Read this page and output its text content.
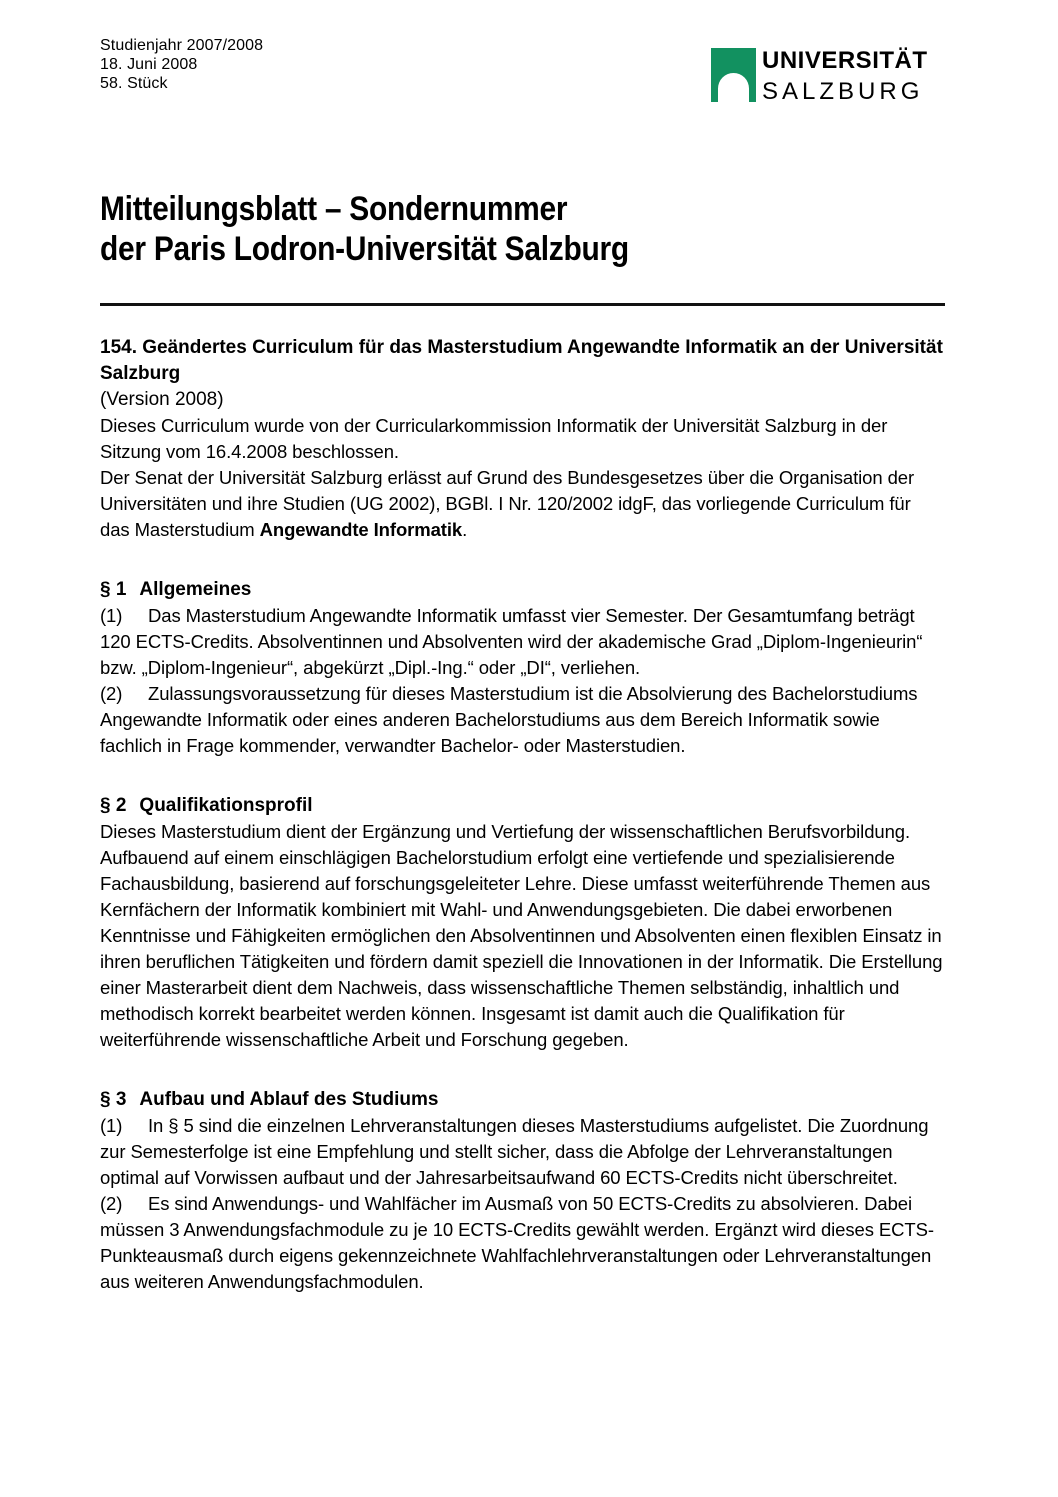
Studienjahr 2007/2008
18. Juni 2008
58. Stück
UNIVERSITÄT
SALZBURG
Mitteilungsblatt – Sondernummer
der Paris Lodron-Universität Salzburg
154. Geändertes Curriculum für das Masterstudium Angewandte Informatik an der Universität Salzburg

(Version 2008)

Dieses Curriculum wurde von der Curricularkommission Informatik der Universität Salzburg in der Sitzung vom 16.4.2008 beschlossen.

Der Senat der Universität Salzburg erlässt auf Grund des Bundesgesetzes über die Organisation der Universitäten und ihre Studien (UG 2002), BGBl. I Nr. 120/2002 idgF, das vorliegende Curriculum für das Masterstudium Angewandte Informatik.

§ 1 Allgemeines

(1) Das Masterstudium Angewandte Informatik umfasst vier Semester. Der Gesamtumfang beträgt 120 ECTS-Credits. Absolventinnen und Absolventen wird der akademische Grad „Diplom-Ingenieurin“ bzw. „Diplom-Ingenieur“, abgekürzt „Dipl.-Ing.“ oder „DI“, verliehen.

(2) Zulassungsvoraussetzung für dieses Masterstudium ist die Absolvierung des Bachelorstudiums Angewandte Informatik oder eines anderen Bachelorstudiums aus dem Bereich Informatik sowie fachlich in Frage kommender, verwandter Bachelor- oder Masterstudien.

§ 2 Qualifikationsprofil

Dieses Masterstudium dient der Ergänzung und Vertiefung der wissenschaftlichen Berufsvorbildung. Aufbauend auf einem einschlägigen Bachelorstudium erfolgt eine vertiefende und spezialisierende Fachausbildung, basierend auf forschungsgeleiteter Lehre. Diese umfasst weiterführende Themen aus Kernfächern der Informatik kombiniert mit Wahl- und Anwendungsgebieten. Die dabei erworbenen Kenntnisse und Fähigkeiten ermöglichen den Absolventinnen und Absolventen einen flexiblen Einsatz in ihren beruflichen Tätigkeiten und fördern damit speziell die Innovationen in der Informatik. Die Erstellung einer Masterarbeit dient dem Nachweis, dass wissenschaftliche Themen selbständig, inhaltlich und methodisch korrekt bearbeitet werden können. Insgesamt ist damit auch die Qualifikation für weiterführende wissenschaftliche Arbeit und Forschung gegeben.

§ 3 Aufbau und Ablauf des Studiums

(1) In § 5 sind die einzelnen Lehrveranstaltungen dieses Masterstudiums aufgelistet. Die Zuordnung zur Semesterfolge ist eine Empfehlung und stellt sicher, dass die Abfolge der Lehrveranstaltungen optimal auf Vorwissen aufbaut und der Jahresarbeitsaufwand 60 ECTS-Credits nicht überschreitet.

(2) Es sind Anwendungs- und Wahlfächer im Ausmaß von 50 ECTS-Credits zu absolvieren. Dabei müssen 3 Anwendungsfachmodule zu je 10 ECTS-Credits gewählt werden. Ergänzt wird dieses ECTS-Punkteausmaß durch eigens gekennzeichnete Wahlfachlehrveranstaltungen oder Lehrveranstaltungen aus weiteren Anwendungsfachmodulen.
